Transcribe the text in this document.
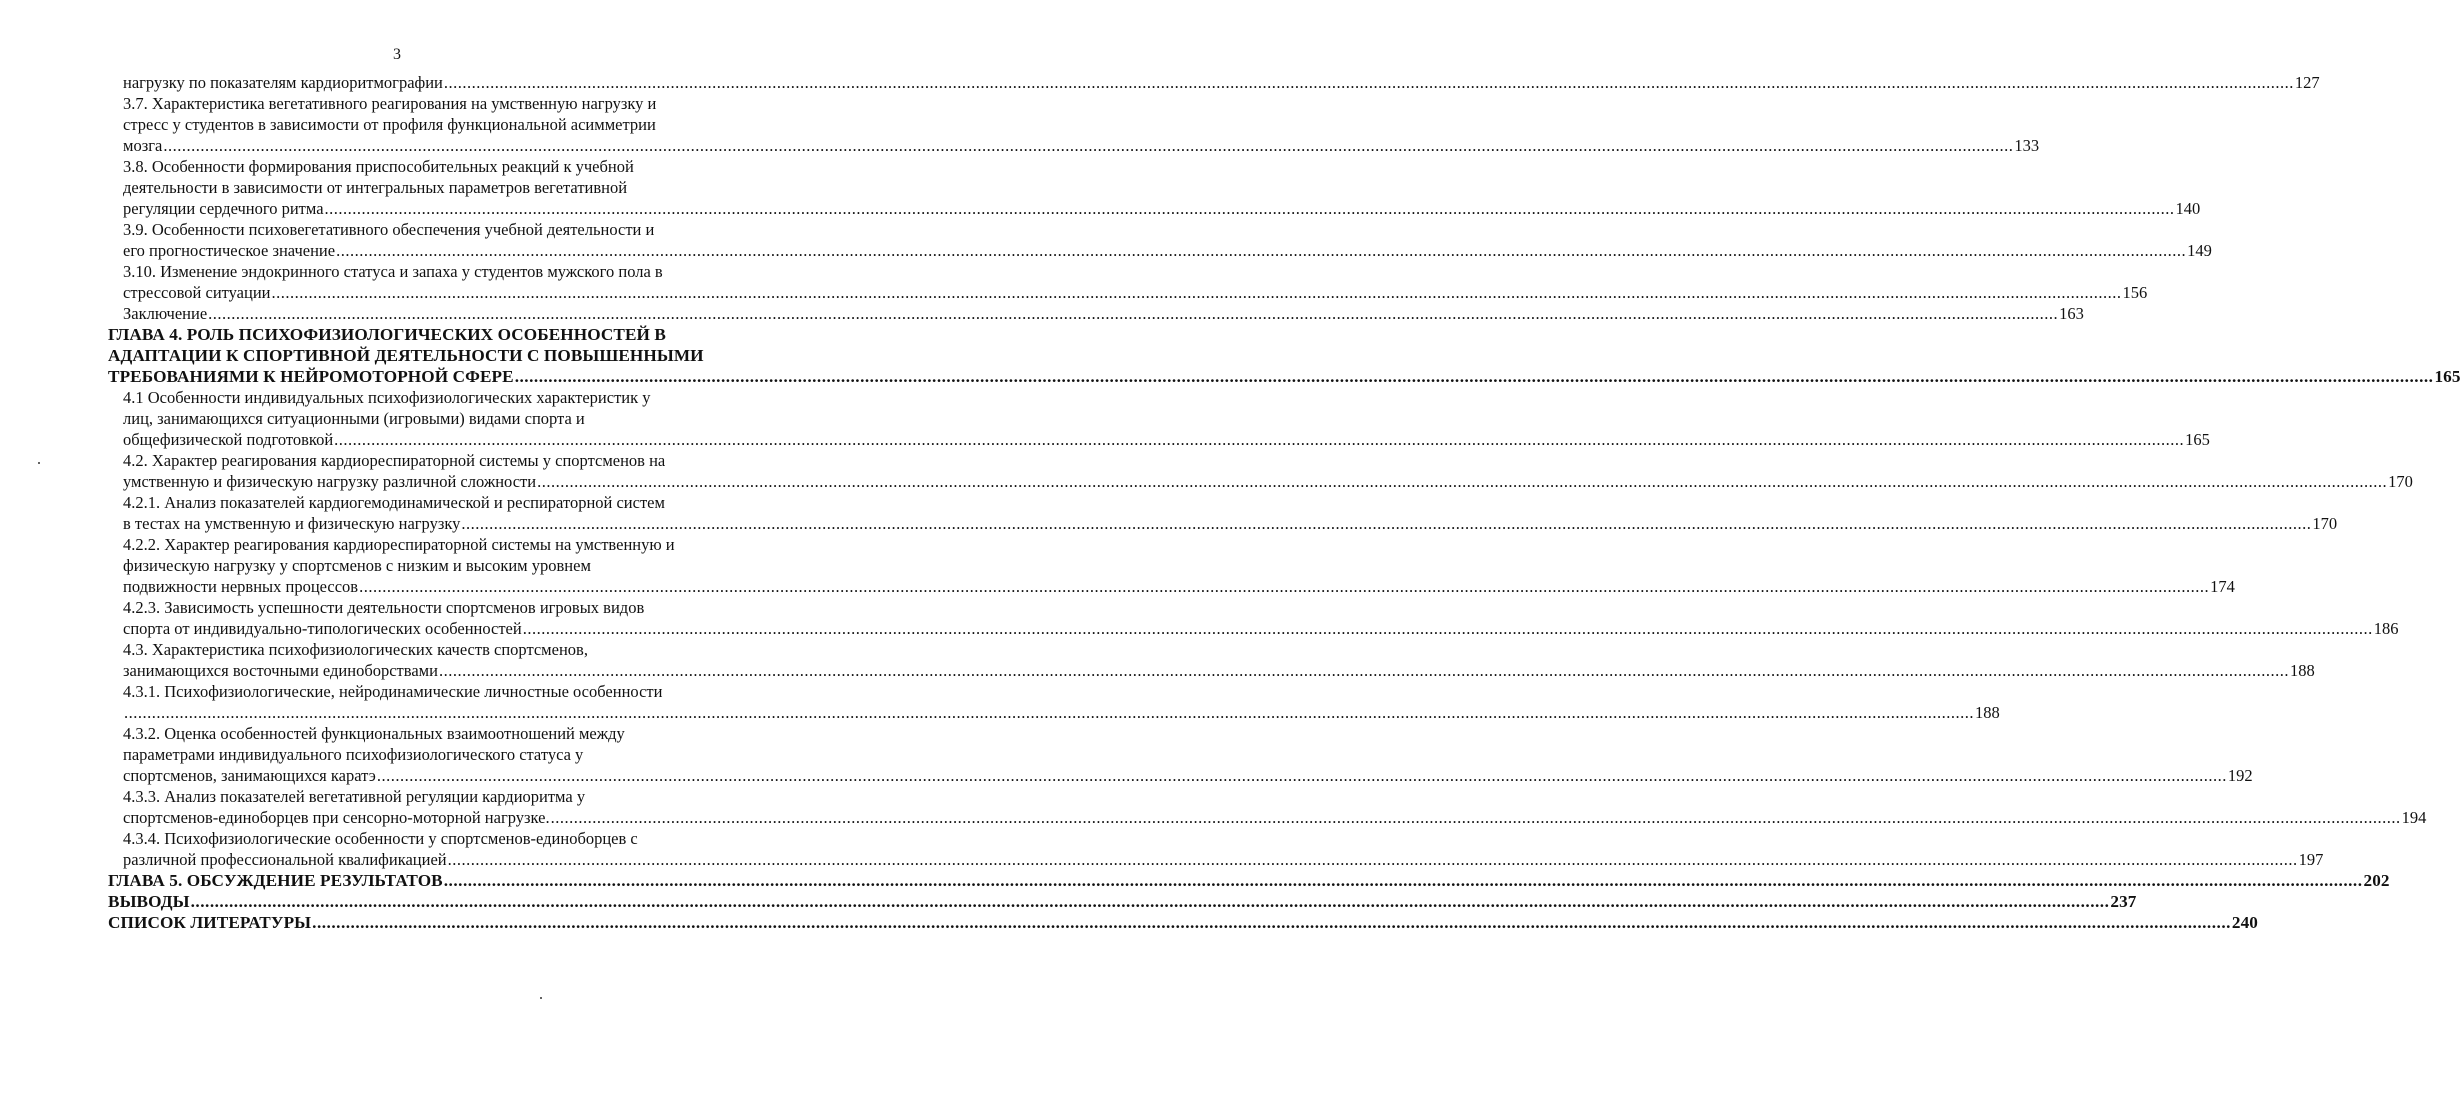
3
нагрузку по показателям кардиоритмографии ................................................................................................................................................................................................................................................................................................................................................................................................................ 127
3.7. Характеристика вегетативного реагирования на умственную нагрузку и
стресс у студентов в зависимости от профиля функциональной асимметрии
мозга ................................................................................................................................................................................................................................................................................................................................................................................................................ 133
3.8. Особенности формирования приспособительных реакций к учебной
деятельности в зависимости от интегральных параметров вегетативной
регуляции сердечного ритма ................................................................................................................................................................................................................................................................................................................................................................................................................ 140
3.9. Особенности психовегетативного обеспечения учебной деятельности и
его прогностическое значение ................................................................................................................................................................................................................................................................................................................................................................................................................ 149
3.10. Изменение эндокринного статуса и запаха у студентов мужского пола в
стрессовой ситуации ................................................................................................................................................................................................................................................................................................................................................................................................................ 156
Заключение ................................................................................................................................................................................................................................................................................................................................................................................................................ 163
ГЛАВА 4. РОЛЬ ПСИХОФИЗИОЛОГИЧЕСКИХ ОСОБЕННОСТЕЙ В
АДАПТАЦИИ К СПОРТИВНОЙ ДЕЯТЕЛЬНОСТИ С ПОВЫШЕННЫМИ
ТРЕБОВАНИЯМИ К НЕЙРОМОТОРНОЙ СФЕРЕ ................................................................................................................................................................................................................................................................................................................................................................................................................ 165
4.1 Особенности индивидуальных психофизиологических характеристик у
лиц, занимающихся ситуационными (игровыми) видами спорта и
общефизической подготовкой ................................................................................................................................................................................................................................................................................................................................................................................................................ 165
4.2. Характер реагирования кардиореспираторной системы у спортсменов на
умственную и физическую нагрузку различной сложности ................................................................................................................................................................................................................................................................................................................................................................................................................ 170
4.2.1. Анализ показателей кардиогемодинамической и респираторной систем
в тестах на умственную и физическую нагрузку ................................................................................................................................................................................................................................................................................................................................................................................................................ 170
4.2.2. Характер реагирования кардиореспираторной системы на умственную и
физическую нагрузку у спортсменов с низким и высоким уровнем
подвижности нервных процессов ................................................................................................................................................................................................................................................................................................................................................................................................................ 174
4.2.3. Зависимость успешности деятельности спортсменов игровых видов
спорта от индивидуально-типологических особенностей ................................................................................................................................................................................................................................................................................................................................................................................................................ 186
4.3. Характеристика психофизиологических качеств спортсменов,
занимающихся восточными единоборствами ................................................................................................................................................................................................................................................................................................................................................................................................................ 188
4.3.1. Психофизиологические, нейродинамические личностные особенности
................................................................................................................................................................................................................................................................................................................................................................................................................ 188
4.3.2. Оценка особенностей функциональных взаимоотношений между
параметрами индивидуального психофизиологического статуса у
спортсменов, занимающихся каратэ ................................................................................................................................................................................................................................................................................................................................................................................................................ 192
4.3.3. Анализ показателей вегетативной регуляции кардиоритма у
спортсменов-единоборцев при сенсорно-моторной нагрузке. ................................................................................................................................................................................................................................................................................................................................................................................................................ 194
4.3.4. Психофизиологические особенности у спортсменов-единоборцев с
различной профессиональной квалификацией ................................................................................................................................................................................................................................................................................................................................................................................................................ 197
ГЛАВА 5. ОБСУЖДЕНИЕ РЕЗУЛЬТАТОВ ................................................................................................................................................................................................................................................................................................................................................................................................................ 202
ВЫВОДЫ ................................................................................................................................................................................................................................................................................................................................................................................................................ 237
СПИСОК ЛИТЕРАТУРЫ ................................................................................................................................................................................................................................................................................................................................................................................................................ 240
